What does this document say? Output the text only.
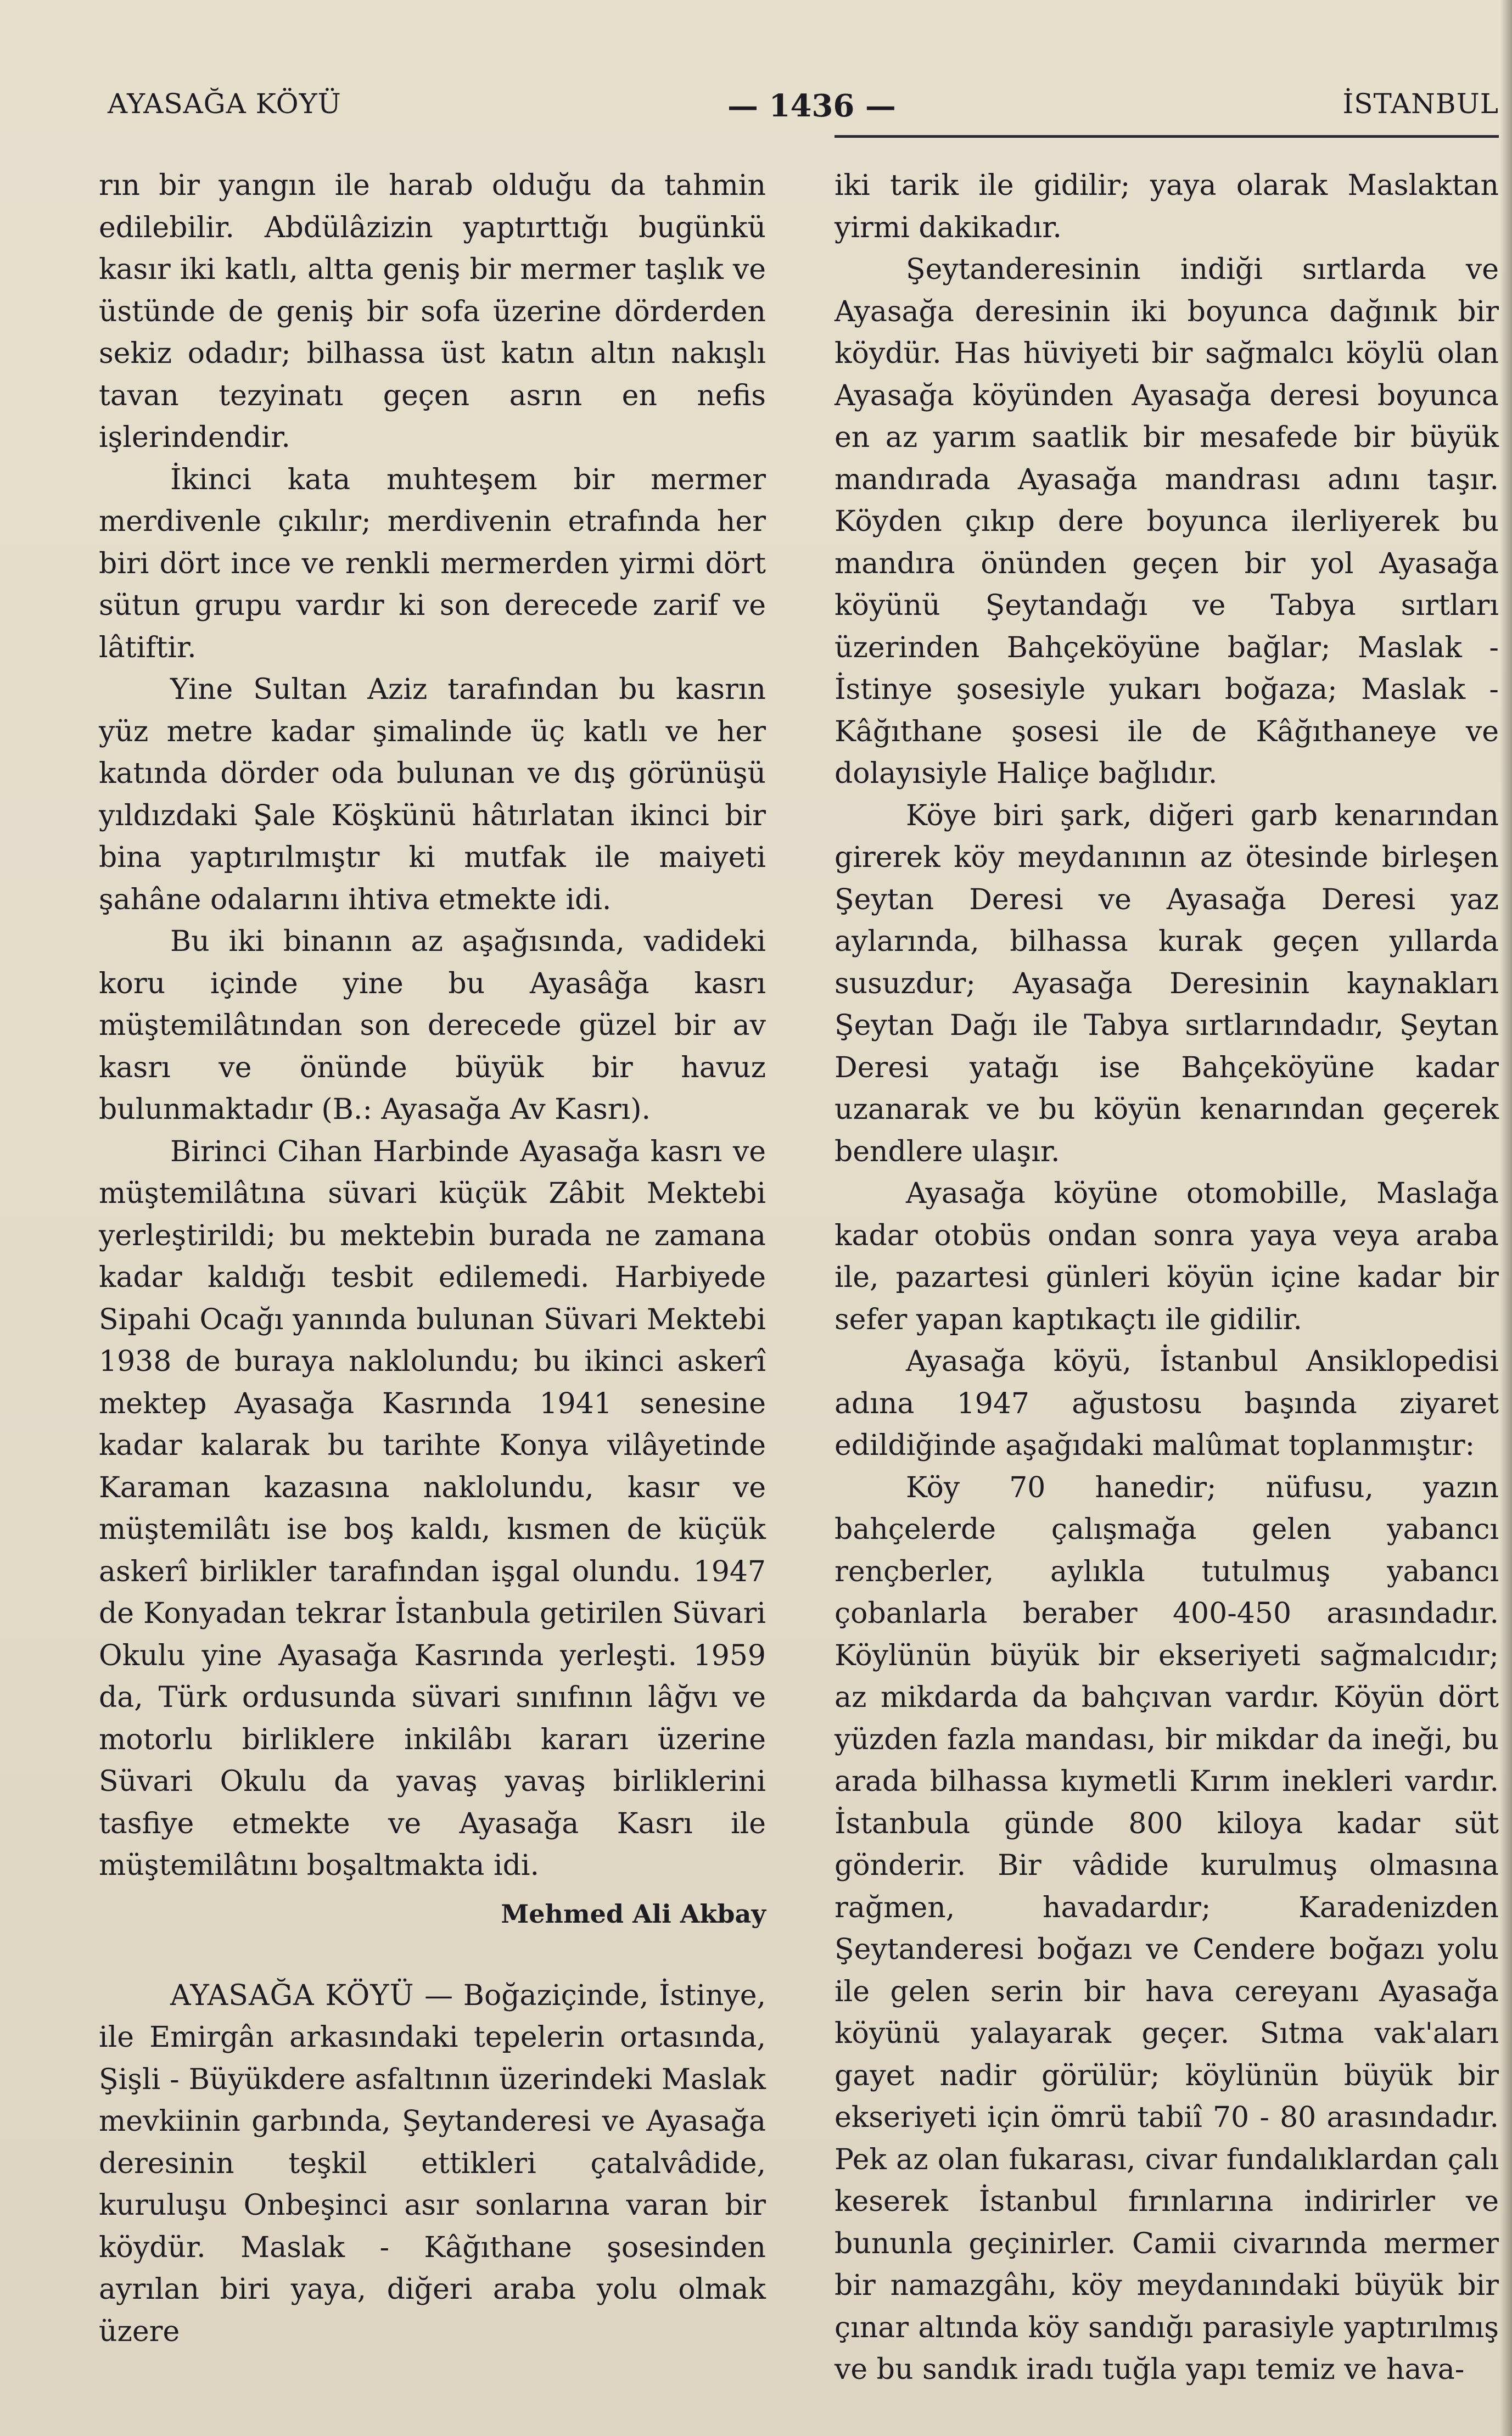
AYASAĞA KÖYÜ	— 1436 —	İSTANBUL

rın bir yangın ile harab olduğu da tahmin edilebilir. Abdülâzizin yaptırttığı bugünkü kasır iki katlı, altta geniş bir mermer taşlık ve üstünde de geniş bir sofa üzerine dörderden sekiz odadır; bilhassa üst katın altın nakışlı tavan tezyinatı geçen asrın en nefis işlerindendir.

İkinci kata muhteşem bir mermer merdivenle çıkılır; merdivenin etrafında her biri dört ince ve renkli mermerden yirmi dört sütun grupu vardır ki son derecede zarif ve lâtiftir.

Yine Sultan Aziz tarafından bu kasrın yüz metre kadar şimalinde üç katlı ve her katında dörder oda bulunan ve dış görünüşü yıldızdaki Şale Köşkünü hâtırlatan ikinci bir bina yaptırılmıştır ki mutfak ile maiyeti şahâne odalarını ihtiva etmekte idi.

Bu iki binanın az aşağısında, vadideki koru içinde yine bu Ayasâğa kasrı müştemilâtından son derecede güzel bir av kasrı ve önünde büyük bir havuz bulunmaktadır (B.: Ayasağa Av Kasrı).

Birinci Cihan Harbinde Ayasağa kasrı ve müştemilâtına süvari küçük Zâbit Mektebi yerleştirildi; bu mektebin burada ne zamana kadar kaldığı tesbit edilemedi. Harbiyede Sipahi Ocağı yanında bulunan Süvari Mektebi 1938 de buraya naklolundu; bu ikinci askerî mektep Ayasağa Kasrında 1941 senesine kadar kalarak bu tarihte Konya vilâyetinde Karaman kazasına naklolundu, kasır ve müştemilâtı ise boş kaldı, kısmen de küçük askerî birlikler tarafından işgal olundu. 1947 de Konyadan tekrar İstanbula getirilen Süvari Okulu yine Ayasağa Kasrında yerleşti. 1959 da, Türk ordusunda süvari sınıfının lâğvı ve motorlu birliklere inkilâbı kararı üzerine Süvari Okulu da yavaş yavaş birliklerini tasfiye etmekte ve Ayasağa Kasrı ile müştemilâtını boşaltmakta idi.

Mehmed Ali Akbay

AYASAĞA KÖYÜ — Boğaziçinde, İstinye, ile Emirgân arkasındaki tepelerin ortasında, Şişli - Büyükdere asfaltının üzerindeki Maslak mevkiinin garbında, Şeytanderesi ve Ayasağa deresinin teşkil ettikleri çatalvâdide, kuruluşu Onbeşinci asır sonlarına varan bir köydür. Maslak - Kâğıthane şosesinden ayrılan biri yaya, diğeri araba yolu olmak üzere

iki tarik ile gidilir; yaya olarak Maslaktan yirmi dakikadır.

Şeytanderesinin indiği sırtlarda ve Ayasağa deresinin iki boyunca dağınık bir köydür. Has hüviyeti bir sağmalcı köylü olan Ayasağa köyünden Ayasağa deresi boyunca en az yarım saatlik bir mesafede bir büyük mandırada Ayasağa mandrası adını taşır. Köyden çıkıp dere boyunca ilerliyerek bu mandıra önünden geçen bir yol Ayasağa köyünü Şeytandağı ve Tabya sırtları üzerinden Bahçeköyüne bağlar; Maslak - İstinye şosesiyle yukarı boğaza; Maslak - Kâğıthane şosesi ile de Kâğıthaneye ve dolayısiyle Haliçe bağlıdır.

Köye biri şark, diğeri garb kenarından girerek köy meydanının az ötesinde birleşen Şeytan Deresi ve Ayasağa Deresi yaz aylarında, bilhassa kurak geçen yıllarda susuzdur; Ayasağa Deresinin kaynakları Şeytan Dağı ile Tabya sırtlarındadır, Şeytan Deresi yatağı ise Bahçeköyüne kadar uzanarak ve bu köyün kenarından geçerek bendlere ulaşır.

Ayasağa köyüne otomobille, Maslağa kadar otobüs ondan sonra yaya veya araba ile, pazartesi günleri köyün içine kadar bir sefer yapan kaptıkaçtı ile gidilir.

Ayasağa köyü, İstanbul Ansiklopedisi adına 1947 ağustosu başında ziyaret edildiğinde aşağıdaki malûmat toplanmıştır:

Köy 70 hanedir; nüfusu, yazın bahçelerde çalışmağa gelen yabancı rençberler, aylıkla tutulmuş yabancı çobanlarla beraber 400-450 arasındadır. Köylünün büyük bir ekseriyeti sağmalcıdır; az mikdarda da bahçıvan vardır. Köyün dört yüzden fazla mandası, bir mikdar da ineği, bu arada bilhassa kıymetli Kırım inekleri vardır. İstanbula günde 800 kiloya kadar süt gönderir. Bir vâdide kurulmuş olmasına rağmen, havadardır; Karadenizden Şeytanderesi boğazı ve Cendere boğazı yolu ile gelen serin bir hava cereyanı Ayasağa köyünü yalayarak geçer. Sıtma vak'aları gayet nadir görülür; köylünün büyük bir ekseriyeti için ömrü tabiî 70 - 80 arasındadır. Pek az olan fukarası, civar fundalıklardan çalı keserek İstanbul fırınlarına indirirler ve bununla geçinirler. Camii civarında mermer bir namazgâhı, köy meydanındaki büyük bir çınar altında köy sandığı parasiyle yaptırılmış ve bu sandık iradı tuğla yapı temiz ve hava-
